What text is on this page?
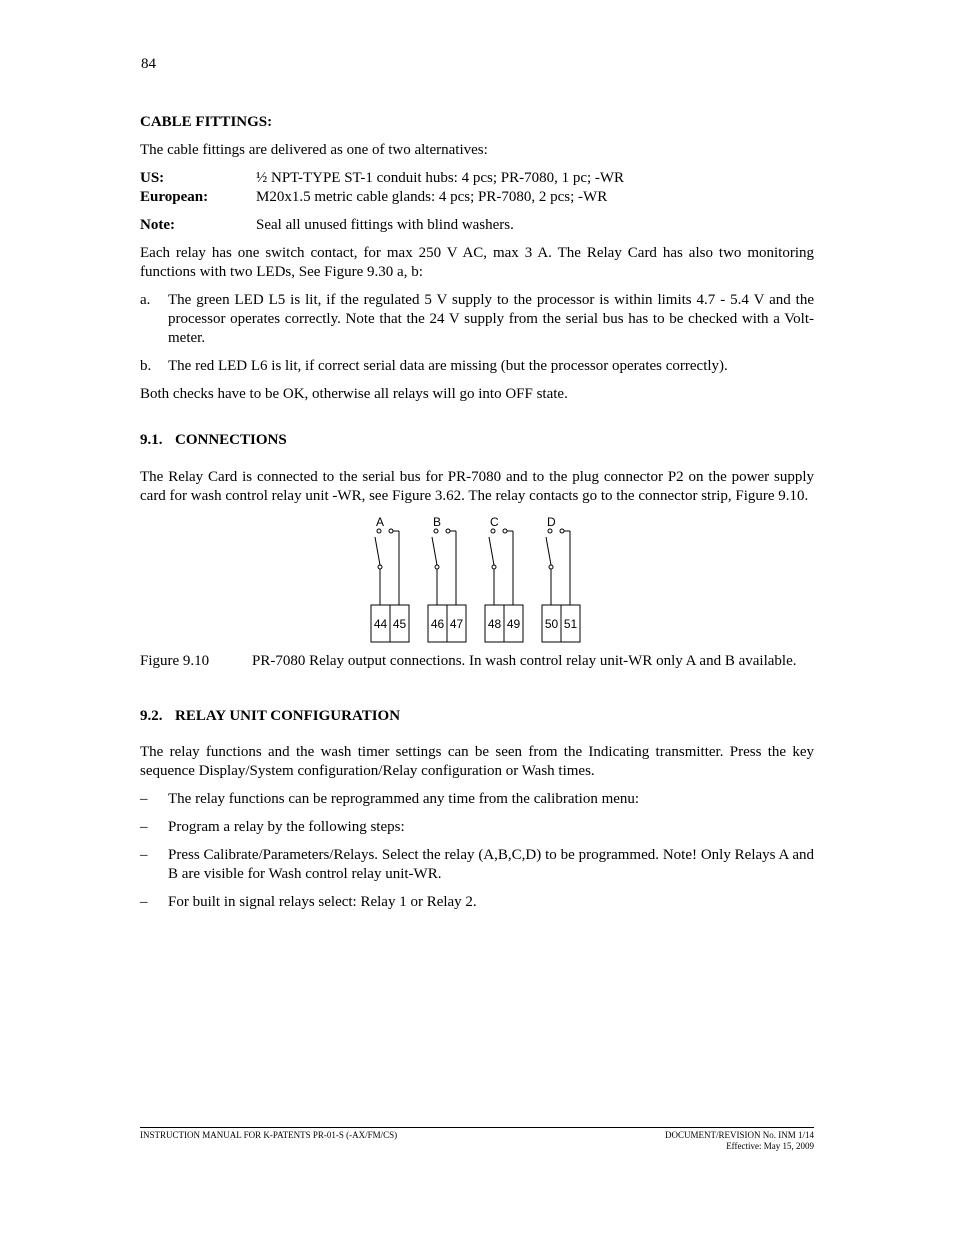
84

CABLE FITTINGS:

The cable fittings are delivered as one of two alternatives:

US:	½ NPT-TYPE ST-1 conduit hubs: 4 pcs; PR-7080, 1 pc; -WR
European:	M20x1.5 metric cable glands: 4 pcs; PR-7080, 2 pcs; -WR
Note:	Seal all unused fittings with blind washers.

Each relay has one switch contact, for max 250 V AC, max 3 A. The Relay Card has also two monitoring functions with two LEDs, See Figure 9.30 a, b:

a.	The green LED L5 is lit, if the regulated 5 V supply to the processor is within limits 4.7 - 5.4 V and the processor operates correctly. Note that the 24 V supply from the serial bus has to be checked with a Volt-meter.
b.	The red LED L6 is lit, if correct serial data are missing (but the processor operates correctly).

Both checks have to be OK, otherwise all relays will go into OFF state.

9.1. CONNECTIONS

The Relay Card is connected to the serial bus for PR-7080 and to the plug connector P2 on the power supply card for wash control relay unit -WR, see Figure 3.62. The relay contacts go to the connector strip, Figure 9.10.

A
44 45
B
46 47
C
48 49
D
50 51
Figure 9.10	PR-7080 Relay output connections. In wash control relay unit-WR only A and B available.

9.2. RELAY UNIT CONFIGURATION

The relay functions and the wash timer settings can be seen from the Indicating transmitter. Press the key sequence Display/System configuration/Relay configuration or Wash times.

–	The relay functions can be reprogrammed any time from the calibration menu:
–	Program a relay by the following steps:
–	Press Calibrate/Parameters/Relays. Select the relay (A,B,C,D) to be programmed. Note! Only Relays A and B are visible for Wash control relay unit-WR.
–	For built in signal relays select: Relay 1 or Relay 2.
INSTRUCTION MANUAL FOR K-PATENTS PR-01-S (-AX/FM/CS)	DOCUMENT/REVISION No. INM 1/14
Effective: May 15, 2009
